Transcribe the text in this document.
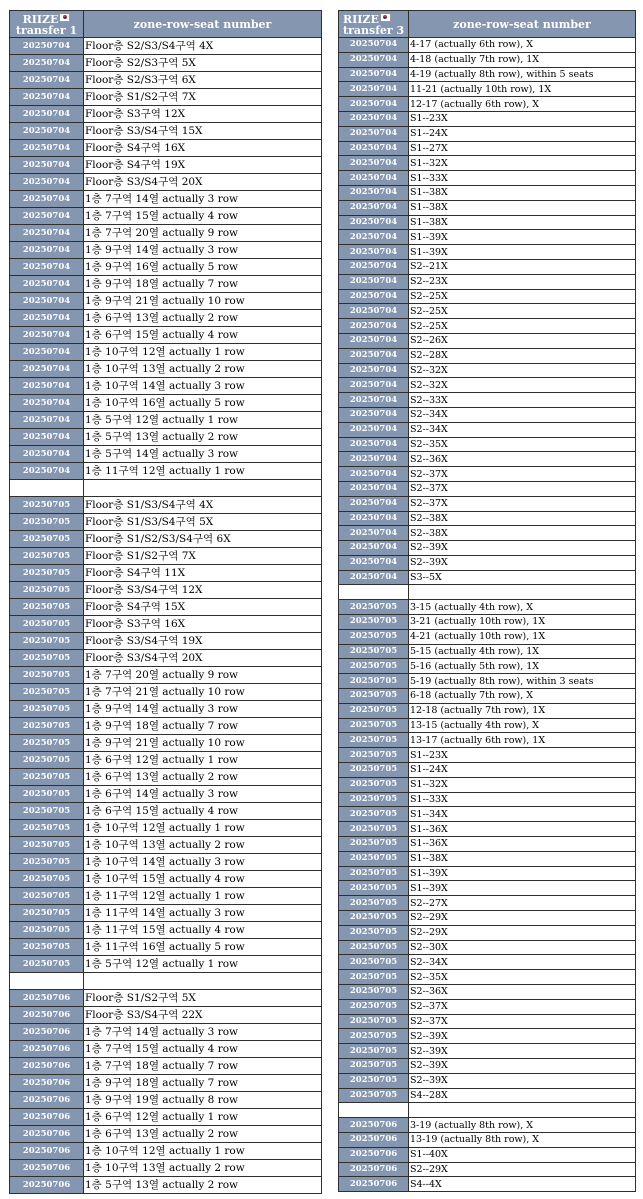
RIIZE
transfer 1	zone-row-seat number
20250704	Floor층 S2/S3/S4구역 4X
20250704	Floor층 S2/S3구역 5X
20250704	Floor층 S2/S3구역 6X
20250704	Floor층 S1/S2구역 7X
20250704	Floor층 S3구역 12X
20250704	Floor층 S3/S4구역 15X
20250704	Floor층 S4구역 16X
20250704	Floor층 S4구역 19X
20250704	Floor층 S3/S4구역 20X
20250704	1층 7구역 14열 actually 3 row
20250704	1층 7구역 15열 actually 4 row
20250704	1층 7구역 20열 actually 9 row
20250704	1층 9구역 14열 actually 3 row
20250704	1층 9구역 16열 actually 5 row
20250704	1층 9구역 18열 actually 7 row
20250704	1층 9구역 21열 actually 10 row
20250704	1층 6구역 13열 actually 2 row
20250704	1층 6구역 15열 actually 4 row
20250704	1층 10구역 12열 actually 1 row
20250704	1층 10구역 13열 actually 2 row
20250704	1층 10구역 14열 actually 3 row
20250704	1층 10구역 16열 actually 5 row
20250704	1층 5구역 12열 actually 1 row
20250704	1층 5구역 13열 actually 2 row
20250704	1층 5구역 14열 actually 3 row
20250704	1층 11구역 12열 actually 1 row

20250705	Floor층 S1/S3/S4구역 4X
20250705	Floor층 S1/S3/S4구역 5X
20250705	Floor층 S1/S2/S3/S4구역 6X
20250705	Floor층 S1/S2구역 7X
20250705	Floor층 S4구역 11X
20250705	Floor층 S3/S4구역 12X
20250705	Floor층 S4구역 15X
20250705	Floor층 S3구역 16X
20250705	Floor층 S3/S4구역 19X
20250705	Floor층 S3/S4구역 20X
20250705	1층 7구역 20열 actually 9 row
20250705	1층 7구역 21열 actually 10 row
20250705	1층 9구역 14열 actually 3 row
20250705	1층 9구역 18열 actually 7 row
20250705	1층 9구역 21열 actually 10 row
20250705	1층 6구역 12열 actually 1 row
20250705	1층 6구역 13열 actually 2 row
20250705	1층 6구역 14열 actually 3 row
20250705	1층 6구역 15열 actually 4 row
20250705	1층 10구역 12열 actually 1 row
20250705	1층 10구역 13열 actually 2 row
20250705	1층 10구역 14열 actually 3 row
20250705	1층 10구역 15열 actually 4 row
20250705	1층 11구역 12열 actually 1 row
20250705	1층 11구역 14열 actually 3 row
20250705	1층 11구역 15열 actually 4 row
20250705	1층 11구역 16열 actually 5 row
20250705	1층 5구역 12열 actually 1 row

20250706	Floor층 S1/S2구역 5X
20250706	Floor층 S3/S4구역 22X
20250706	1층 7구역 14열 actually 3 row
20250706	1층 7구역 15열 actually 4 row
20250706	1층 7구역 18열 actually 7 row
20250706	1층 9구역 18열 actually 7 row
20250706	1층 9구역 19열 actually 8 row
20250706	1층 6구역 12열 actually 1 row
20250706	1층 6구역 13열 actually 2 row
20250706	1층 10구역 12열 actually 1 row
20250706	1층 10구역 13열 actually 2 row
20250706	1층 5구역 13열 actually 2 row
RIIZE
transfer 3	zone-row-seat number
20250704	4-17 (actually 6th row), X
20250704	4-18 (actually 7th row), 1X
20250704	4-19 (actually 8th row), within 5 seats
20250704	11-21 (actually 10th row), 1X
20250704	12-17 (actually 6th row), X
20250704	S1--23X
20250704	S1--24X
20250704	S1--27X
20250704	S1--32X
20250704	S1--33X
20250704	S1--38X
20250704	S1--38X
20250704	S1--38X
20250704	S1--39X
20250704	S1--39X
20250704	S2--21X
20250704	S2--23X
20250704	S2--25X
20250704	S2--25X
20250704	S2--25X
20250704	S2--26X
20250704	S2--28X
20250704	S2--32X
20250704	S2--32X
20250704	S2--33X
20250704	S2--34X
20250704	S2--34X
20250704	S2--35X
20250704	S2--36X
20250704	S2--37X
20250704	S2--37X
20250704	S2--37X
20250704	S2--38X
20250704	S2--38X
20250704	S2--39X
20250704	S2--39X
20250704	S3--5X

20250705	3-15 (actually 4th row), X
20250705	3-21 (actually 10th row), 1X
20250705	4-21 (actually 10th row), 1X
20250705	5-15 (actually 4th row), 1X
20250705	5-16 (actually 5th row), 1X
20250705	5-19 (actually 8th row), within 3 seats
20250705	6-18 (actually 7th row), X
20250705	12-18 (actually 7th row), 1X
20250705	13-15 (actually 4th row), X
20250705	13-17 (actually 6th row), 1X
20250705	S1--23X
20250705	S1--24X
20250705	S1--32X
20250705	S1--33X
20250705	S1--34X
20250705	S1--36X
20250705	S1--36X
20250705	S1--38X
20250705	S1--39X
20250705	S1--39X
20250705	S2--27X
20250705	S2--29X
20250705	S2--29X
20250705	S2--30X
20250705	S2--34X
20250705	S2--35X
20250705	S2--36X
20250705	S2--37X
20250705	S2--37X
20250705	S2--39X
20250705	S2--39X
20250705	S2--39X
20250705	S2--39X
20250705	S4--28X

20250706	3-19 (actually 8th row), X
20250706	13-19 (actually 8th row), X
20250706	S1--40X
20250706	S2--29X
20250706	S4--4X
